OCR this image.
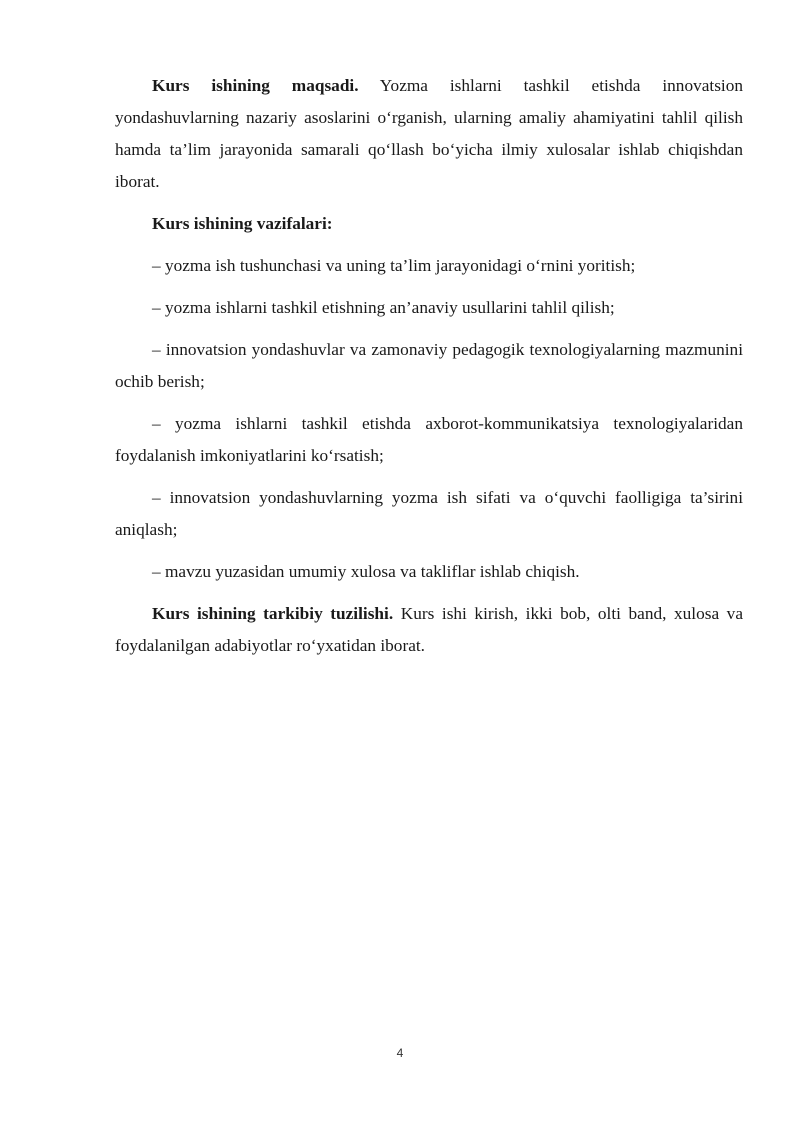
Kurs ishining maqsadi. Yozma ishlarni tashkil etishda innovatsion yondashuvlarning nazariy asoslarini o‘rganish, ularning amaliy ahamiyatini tahlil qilish hamda ta’lim jarayonida samarali qo‘llash bo‘yicha ilmiy xulosalar ishlab chiqishdan iborat.

Kurs ishining vazifalari:

– yozma ish tushunchasi va uning ta’lim jarayonidagi o‘rnini yoritish;

– yozma ishlarni tashkil etishning an’anaviy usullarini tahlil qilish;

– innovatsion yondashuvlar va zamonaviy pedagogik texnologiyalarning mazmunini ochib berish;

– yozma ishlarni tashkil etishda axborot-kommunikatsiya texnologiyalaridan foydalanish imkoniyatlarini ko‘rsatish;

– innovatsion yondashuvlarning yozma ish sifati va o‘quvchi faolligiga ta’sirini aniqlash;

– mavzu yuzasidan umumiy xulosa va takliflar ishlab chiqish.

Kurs ishining tarkibiy tuzilishi. Kurs ishi kirish, ikki bob, olti band, xulosa va foydalanilgan adabiyotlar ro‘yxatidan iborat.

4
